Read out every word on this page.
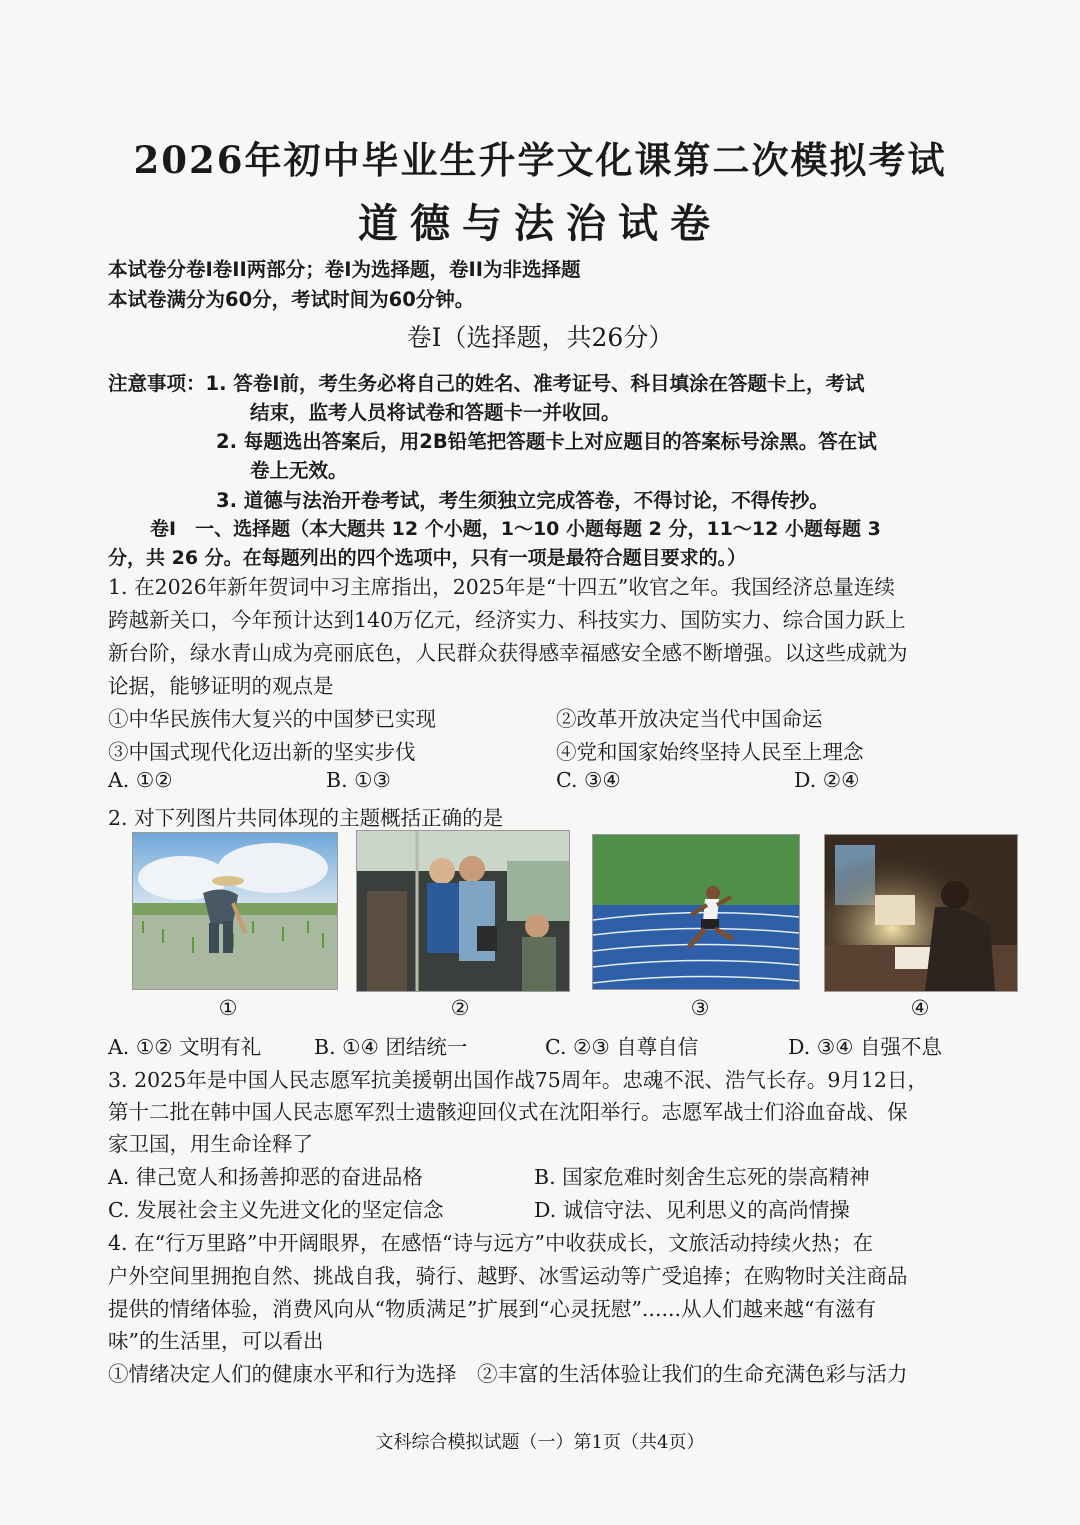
2026年初中毕业生升学文化课第二次模拟考试
道德与法治试卷
本试卷分卷Ⅰ卷ⅠⅠ两部分；卷Ⅰ为选择题，卷ⅠⅠ为非选择题
本试卷满分为60分，考试时间为60分钟。
卷Ⅰ（选择题，共26分）
注意事项：1. 答卷Ⅰ前，考生务必将自己的姓名、准考证号、科目填涂在答题卡上，考试
结束，监考人员将试卷和答题卡一并收回。
2. 每题选出答案后，用2B铅笔把答题卡上对应题目的答案标号涂黑。答在试
卷上无效。
3. 道德与法治开卷考试，考生须独立完成答卷，不得讨论，不得传抄。
卷Ⅰ　一、选择题（本大题共 12 个小题，1～10 小题每题 2 分，11～12 小题每题 3
分，共 26 分。在每题列出的四个选项中，只有一项是最符合题目要求的。）
1. 在2026年新年贺词中习主席指出，2025年是“十四五”收官之年。我国经济总量连续
跨越新关口，今年预计达到140万亿元，经济实力、科技实力、国防实力、综合国力跃上
新台阶，绿水青山成为亮丽底色，人民群众获得感幸福感安全感不断增强。以这些成就为
论据，能够证明的观点是
①中华民族伟大复兴的中国梦已实现	②改革开放决定当代中国命运
③中国式现代化迈出新的坚实步伐	④党和国家始终坚持人民至上理念
A. ①②	B. ①③	C. ③④	D. ②④
2. 对下列图片共同体现的主题概括正确的是
①	②	③	④
A. ①② 文明有礼	B. ①④ 团结统一	C. ②③ 自尊自信	D. ③④ 自强不息
3. 2025年是中国人民志愿军抗美援朝出国作战75周年。忠魂不泯、浩气长存。9月12日，
第十二批在韩中国人民志愿军烈士遗骸迎回仪式在沈阳举行。志愿军战士们浴血奋战、保
家卫国，用生命诠释了
A. 律己宽人和扬善抑恶的奋进品格	B. 国家危难时刻舍生忘死的崇高精神
C. 发展社会主义先进文化的坚定信念	D. 诚信守法、见利思义的高尚情操
4. 在“行万里路”中开阔眼界，在感悟“诗与远方”中收获成长，文旅活动持续火热；在
户外空间里拥抱自然、挑战自我，骑行、越野、冰雪运动等广受追捧；在购物时关注商品
提供的情绪体验，消费风向从“物质满足”扩展到“心灵抚慰”......从人们越来越“有滋有
味”的生活里，可以看出
①情绪决定人们的健康水平和行为选择　②丰富的生活体验让我们的生命充满色彩与活力
文科综合模拟试题（一）第1页（共4页）
